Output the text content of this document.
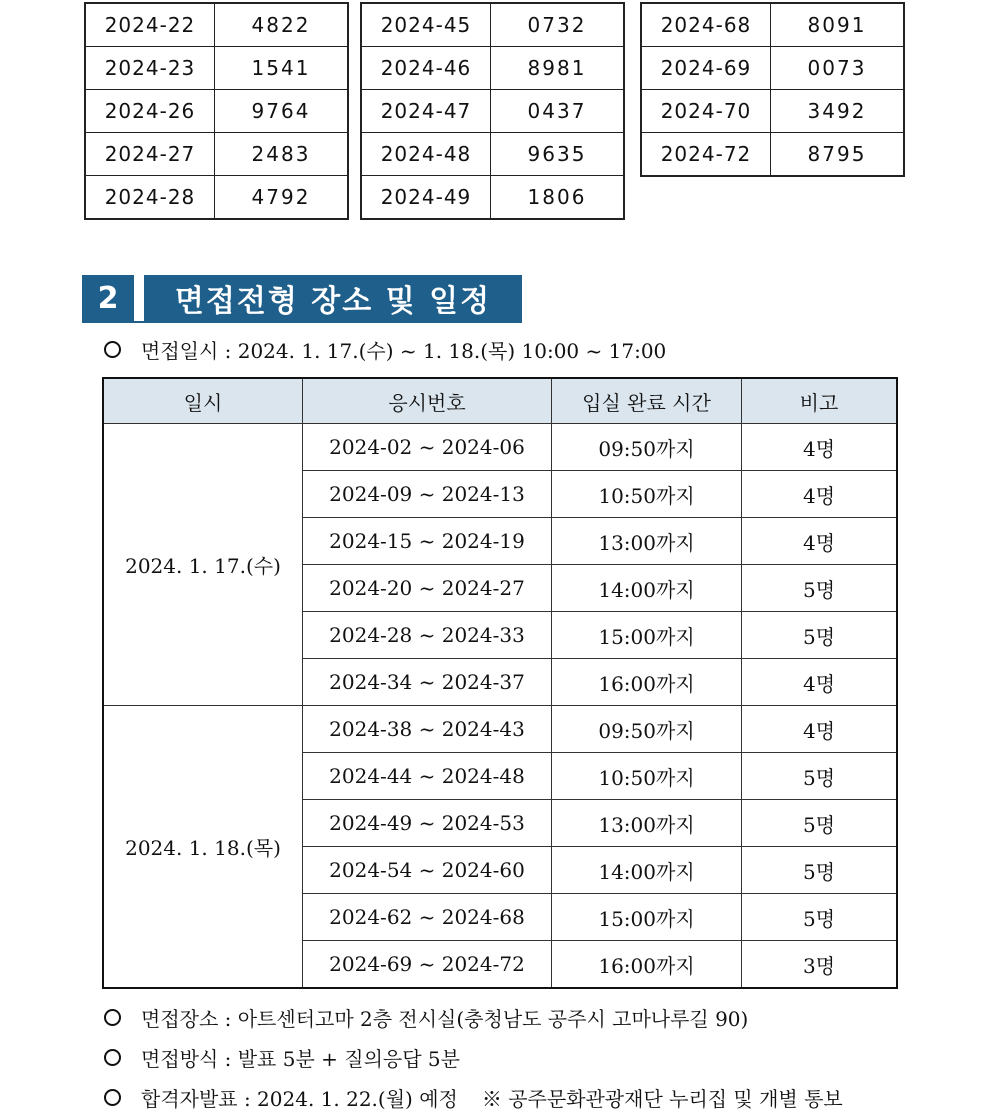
2024-22	4822
2024-23	1541
2024-26	9764
2024-27	2483
2024-28	4792
2024-45	0732
2024-46	8981
2024-47	0437
2024-48	9635
2024-49	1806
2024-68	8091
2024-69	0073
2024-70	3492
2024-72	8795
2	면접전형 장소 및 일정
면접일시 : 2024. 1. 17.(수) ~ 1. 18.(목) 10:00 ~ 17:00
일시	응시번호	입실 완료 시간	비고
2024. 1. 17.(수)	2024-02 ~ 2024-06	09:50까지	4명
	2024-09 ~ 2024-13	10:50까지	4명
	2024-15 ~ 2024-19	13:00까지	4명
	2024-20 ~ 2024-27	14:00까지	5명
	2024-28 ~ 2024-33	15:00까지	5명
	2024-34 ~ 2024-37	16:00까지	4명
2024. 1. 18.(목)	2024-38 ~ 2024-43	09:50까지	4명
	2024-44 ~ 2024-48	10:50까지	5명
	2024-49 ~ 2024-53	13:00까지	5명
	2024-54 ~ 2024-60	14:00까지	5명
	2024-62 ~ 2024-68	15:00까지	5명
	2024-69 ~ 2024-72	16:00까지	3명
면접장소 : 아트센터고마 2층 전시실(충청남도 공주시 고마나루길 90)
면접방식 : 발표 5분 + 질의응답 5분
합격자발표 : 2024. 1. 22.(월) 예정 ※ 공주문화관광재단 누리집 및 개별 통보
